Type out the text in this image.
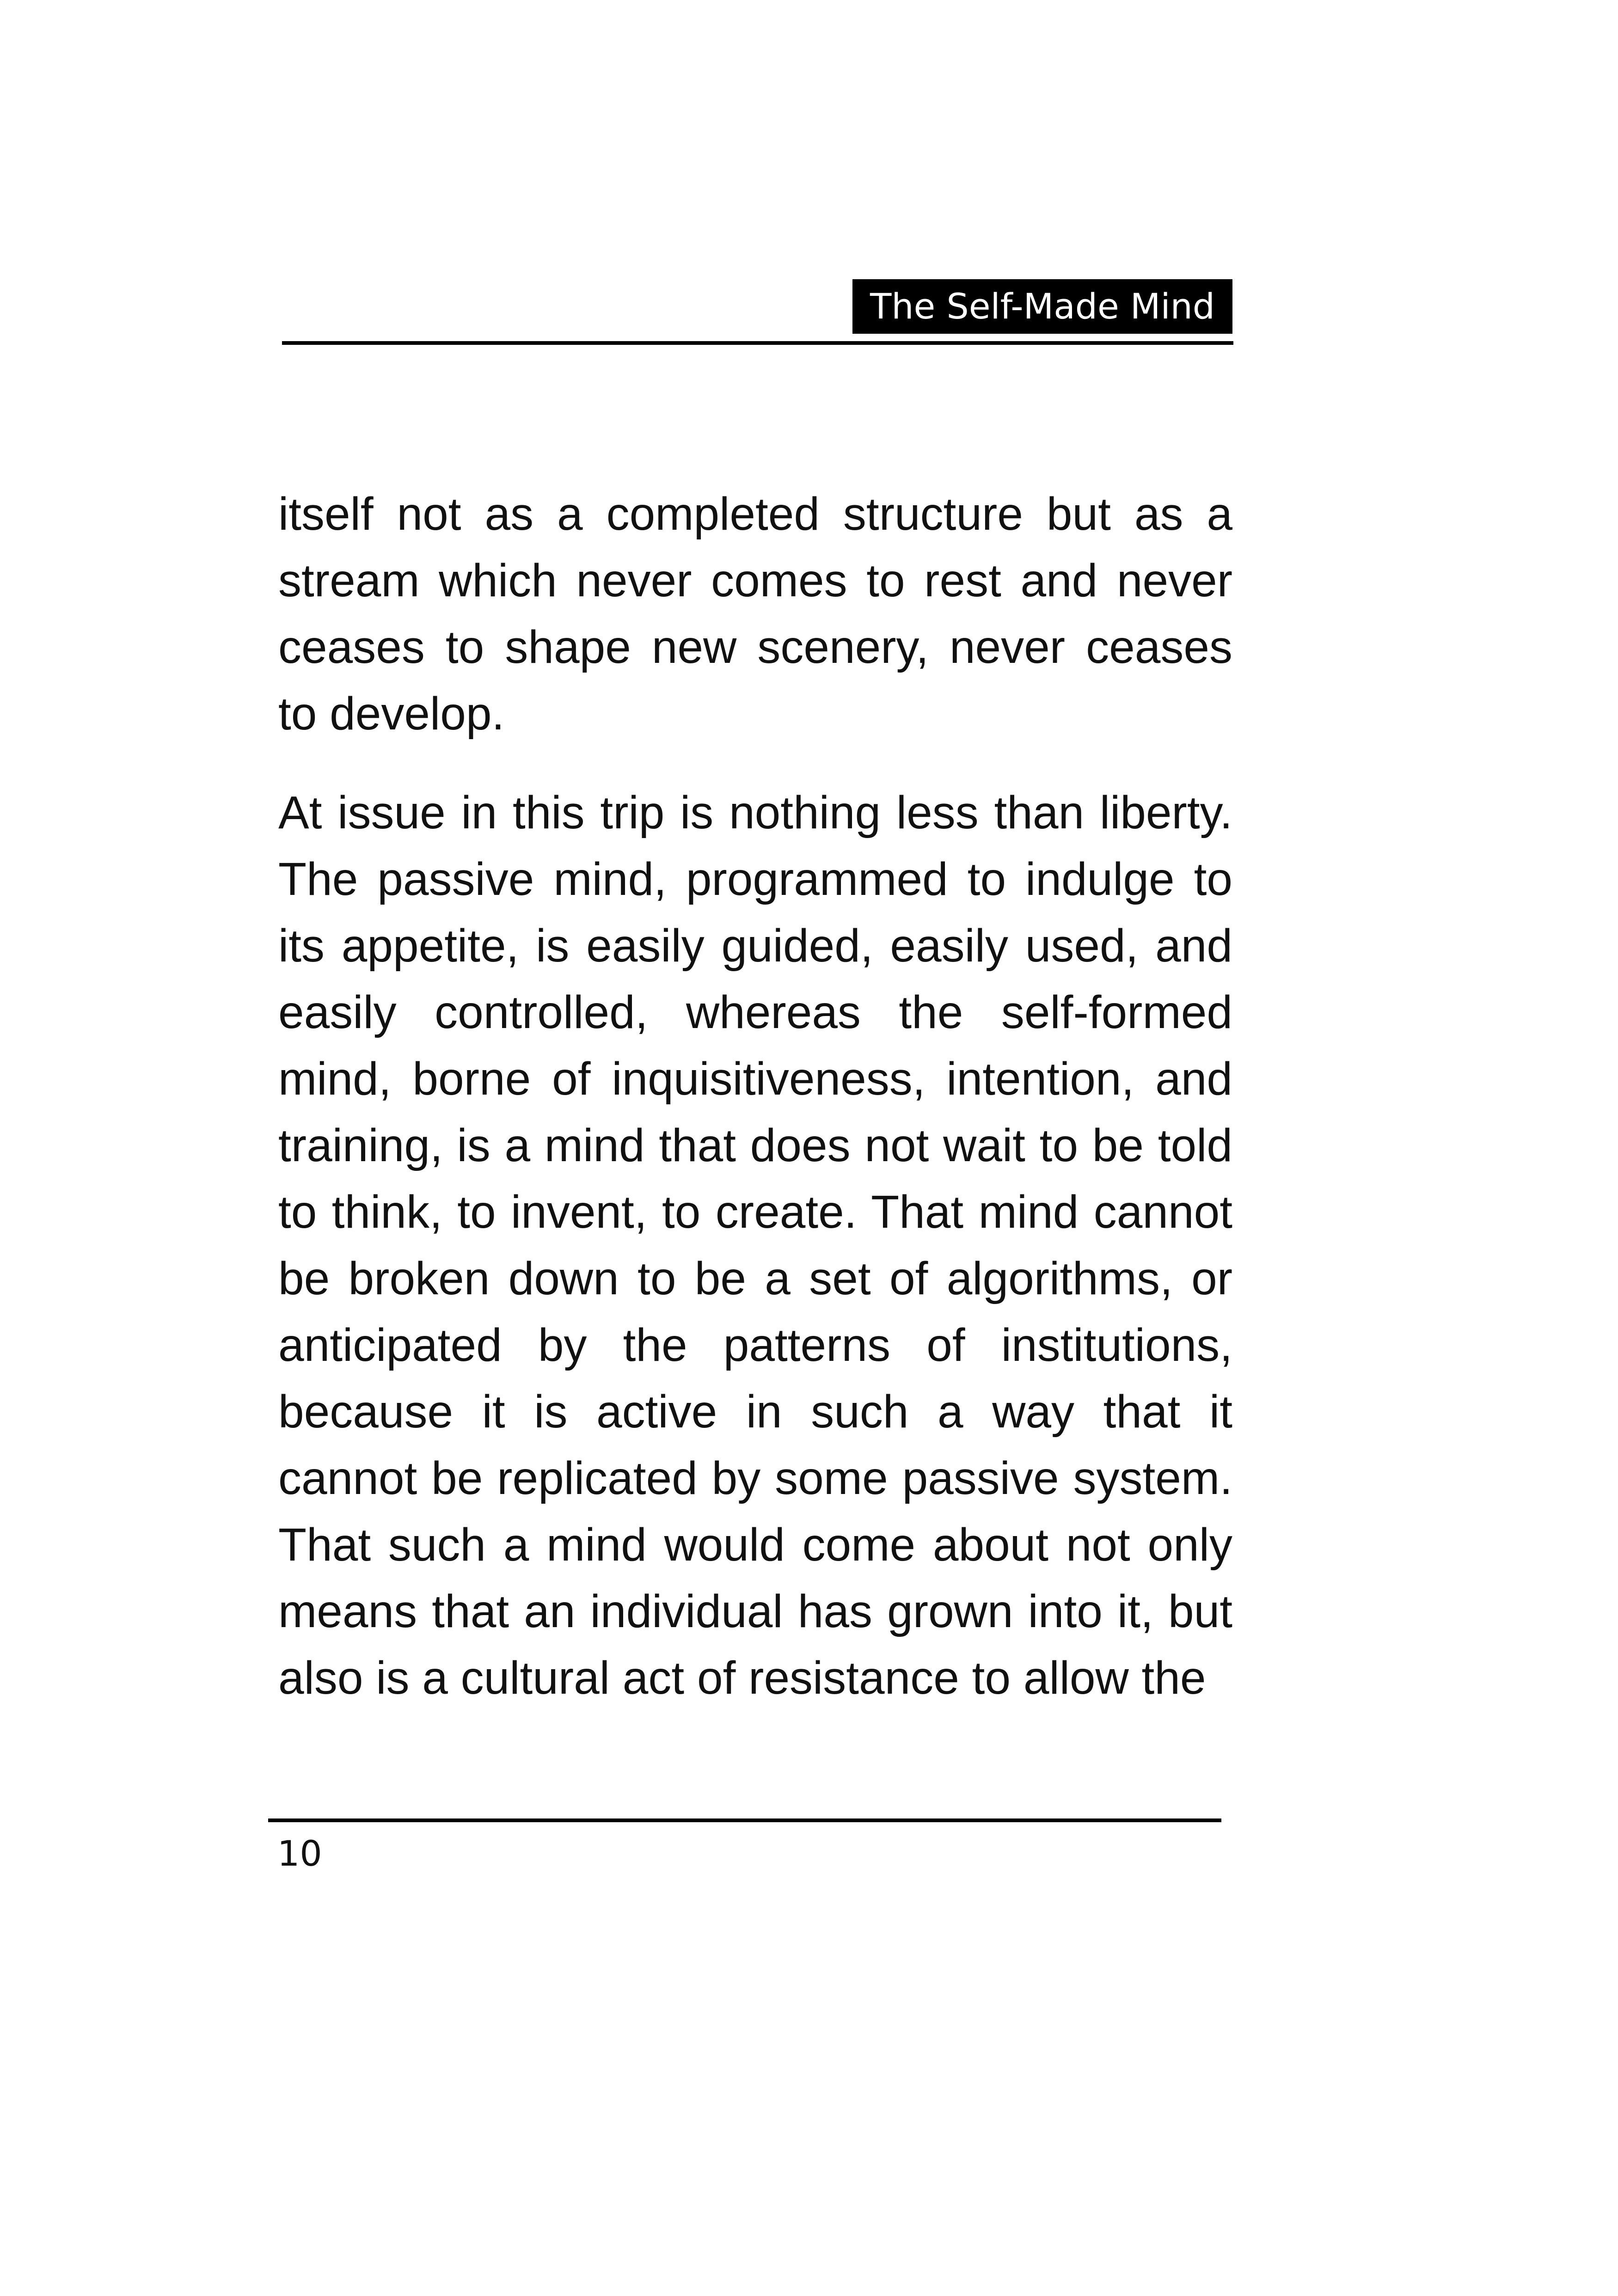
The Self-Made Mind

itself not as a completed structure but as a stream which never comes to rest and never ceases to shape new scenery, never ceases to develop.

At issue in this trip is nothing less than liberty. The passive mind, programmed to indulge to its appetite, is easily guided, easily used, and easily controlled, whereas the self-formed mind, borne of inquisitiveness, intention, and training, is a mind that does not wait to be told to think, to invent, to create. That mind cannot be broken down to be a set of algorithms, or anticipated by the patterns of institutions, because it is active in such a way that it cannot be replicated by some passive system. That such a mind would come about not only means that an individual has grown into it, but also is a cultural act of resistance to allow the

10
